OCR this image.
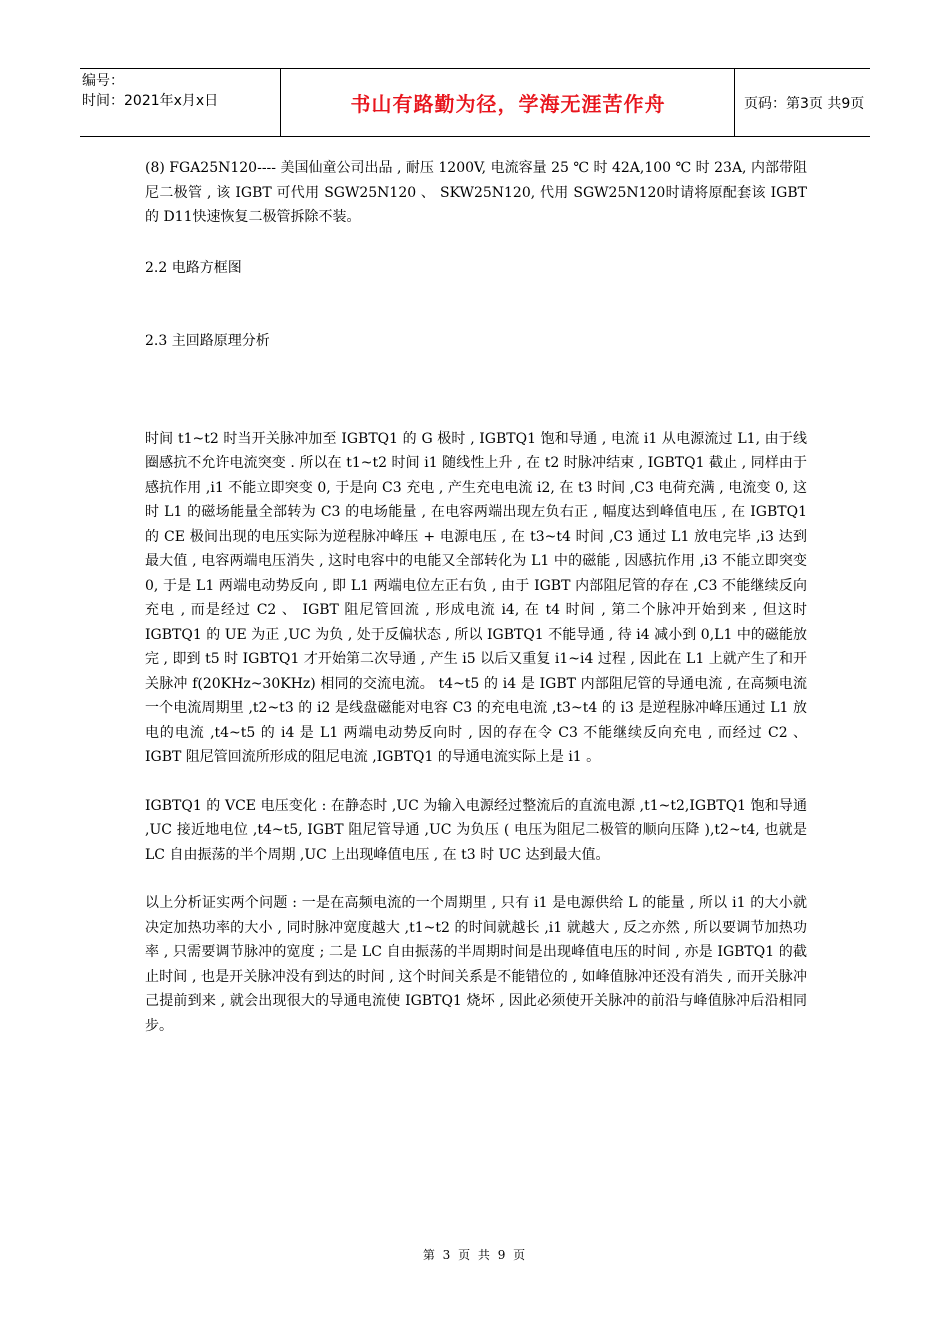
编号：
时间：2021年x月x日	书山有路勤为径，学海无涯苦作舟	页码：第3页 共9页

(8) FGA25N120---- 美国仙童公司出品 , 耐压 1200V, 电流容量 25 ℃ 时 42A,100 ℃ 时 23A, 内部带阻尼二极管 , 该 IGBT 可代用 SGW25N120 、 SKW25N120, 代用 SGW25N120时请将原配套该 IGBT的 D11快速恢复二极管拆除不装。

2.2 电路方框图

2.3 主回路原理分析

时间 t1~t2 时当开关脉冲加至 IGBTQ1 的 G 极时 , IGBTQ1 饱和导通 , 电流 i1 从电源流过 L1, 由于线圈感抗不允许电流突变 . 所以在 t1~t2 时间 i1 随线性上升 , 在 t2 时脉冲结束 , IGBTQ1 截止 , 同样由于感抗作用 ,i1 不能立即突变 0, 于是向 C3 充电 , 产生充电电流 i2, 在 t3 时间 ,C3 电荷充满 , 电流变 0, 这时 L1 的磁场能量全部转为 C3 的电场能量 , 在电容两端出现左负右正 , 幅度达到峰值电压 , 在 IGBTQ1 的 CE 极间出现的电压实际为逆程脉冲峰压 + 电源电压 , 在 t3~t4 时间 ,C3 通过 L1 放电完毕 ,i3 达到最大值 , 电容两端电压消失 , 这时电容中的电能又全部转化为 L1 中的磁能 , 因感抗作用 ,i3 不能立即突变 0, 于是 L1 两端电动势反向 , 即 L1 两端电位左正右负 , 由于 IGBT 内部阻尼管的存在 ,C3 不能继续反向充电 , 而是经过 C2 、 IGBT 阻尼管回流 , 形成电流 i4, 在 t4 时间 , 第二个脉冲开始到来 , 但这时 IGBTQ1 的 UE 为正 ,UC 为负 , 处于反偏状态 , 所以 IGBTQ1 不能导通 , 待 i4 减小到 0,L1 中的磁能放完 , 即到 t5 时 IGBTQ1 才开始第二次导通 , 产生 i5 以后又重复 i1~i4 过程 , 因此在 L1 上就产生了和开关脉冲 f(20KHz~30KHz) 相同的交流电流。 t4~t5 的 i4 是 IGBT 内部阻尼管的导通电流 , 在高频电流一个电流周期里 ,t2~t3 的 i2 是线盘磁能对电容 C3 的充电电流 ,t3~t4 的 i3 是逆程脉冲峰压通过 L1 放电的电流 ,t4~t5 的 i4 是 L1 两端电动势反向时 , 因的存在令 C3 不能继续反向充电 , 而经过 C2 、 IGBT 阻尼管回流所形成的阻尼电流 ,IGBTQ1 的导通电流实际上是 i1 。

IGBTQ1 的 VCE 电压变化 : 在静态时 ,UC 为输入电源经过整流后的直流电源 ,t1~t2,IGBTQ1 饱和导通 ,UC 接近地电位 ,t4~t5, IGBT 阻尼管导通 ,UC 为负压 ( 电压为阻尼二极管的顺向压降 ),t2~t4, 也就是 LC 自由振荡的半个周期 ,UC 上出现峰值电压 , 在 t3 时 UC 达到最大值。

以上分析证实两个问题 : 一是在高频电流的一个周期里 , 只有 i1 是电源供给 L 的能量 , 所以 i1 的大小就决定加热功率的大小 , 同时脉冲宽度越大 ,t1~t2 的时间就越长 ,i1 就越大 , 反之亦然 , 所以要调节加热功率 , 只需要调节脉冲的宽度 ; 二是 LC 自由振荡的半周期时间是出现峰值电压的时间 , 亦是 IGBTQ1 的截止时间 , 也是开关脉冲没有到达的时间 , 这个时间关系是不能错位的 , 如峰值脉冲还没有消失 , 而开关脉冲己提前到来 , 就会出现很大的导通电流使 IGBTQ1 烧坏 , 因此必须使开关脉冲的前沿与峰值脉冲后沿相同步。

第 3 页 共 9 页
